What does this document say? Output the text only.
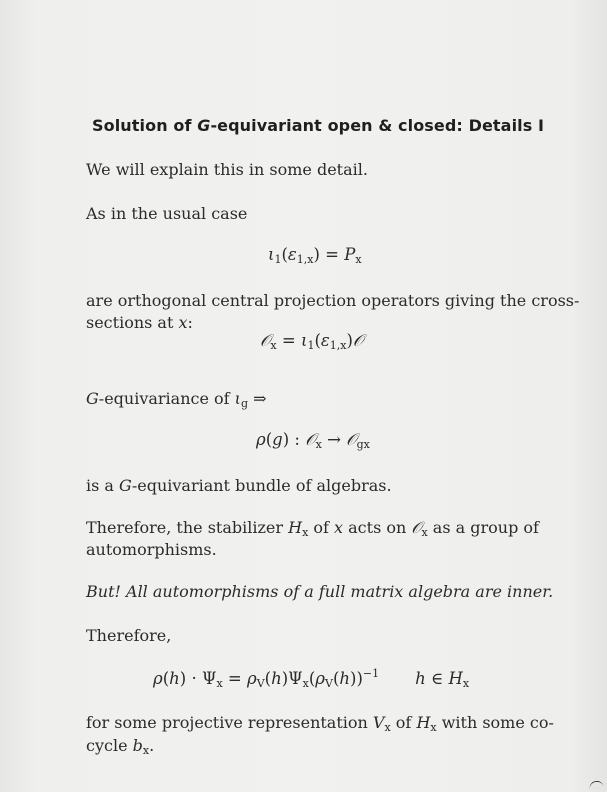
Solution of G-equivariant open & closed: Details I
We will explain this in some detail.
As in the usual case
$\iota_1(\varepsilon_{1,x}) = P_x$
are orthogonal central projection operators giving the cross-
sections at x:
𝒪$_x$ = $\iota_1(\varepsilon_{1,x})𝒪$
G-equivariance of $\iota_g$ ⇒
ρ(g) : 𝒪$_x$ → 𝒪$_{gx}$
is a G-equivariant bundle of algebras.
Therefore, the stabilizer $H_x$ of x acts on 𝒪$_x$ as a group of
automorphisms.
But! All automorphisms of a full matrix algebra are inner.
Therefore,
$\rho(h) \cdot \Psi_x = \rho_V(h)\Psi_x(\rho_V(h))^{-1}$ h ∈ $H_x$
for some projective representation $V_x$ of $H_x$ with some co-
cycle $b_x$.
